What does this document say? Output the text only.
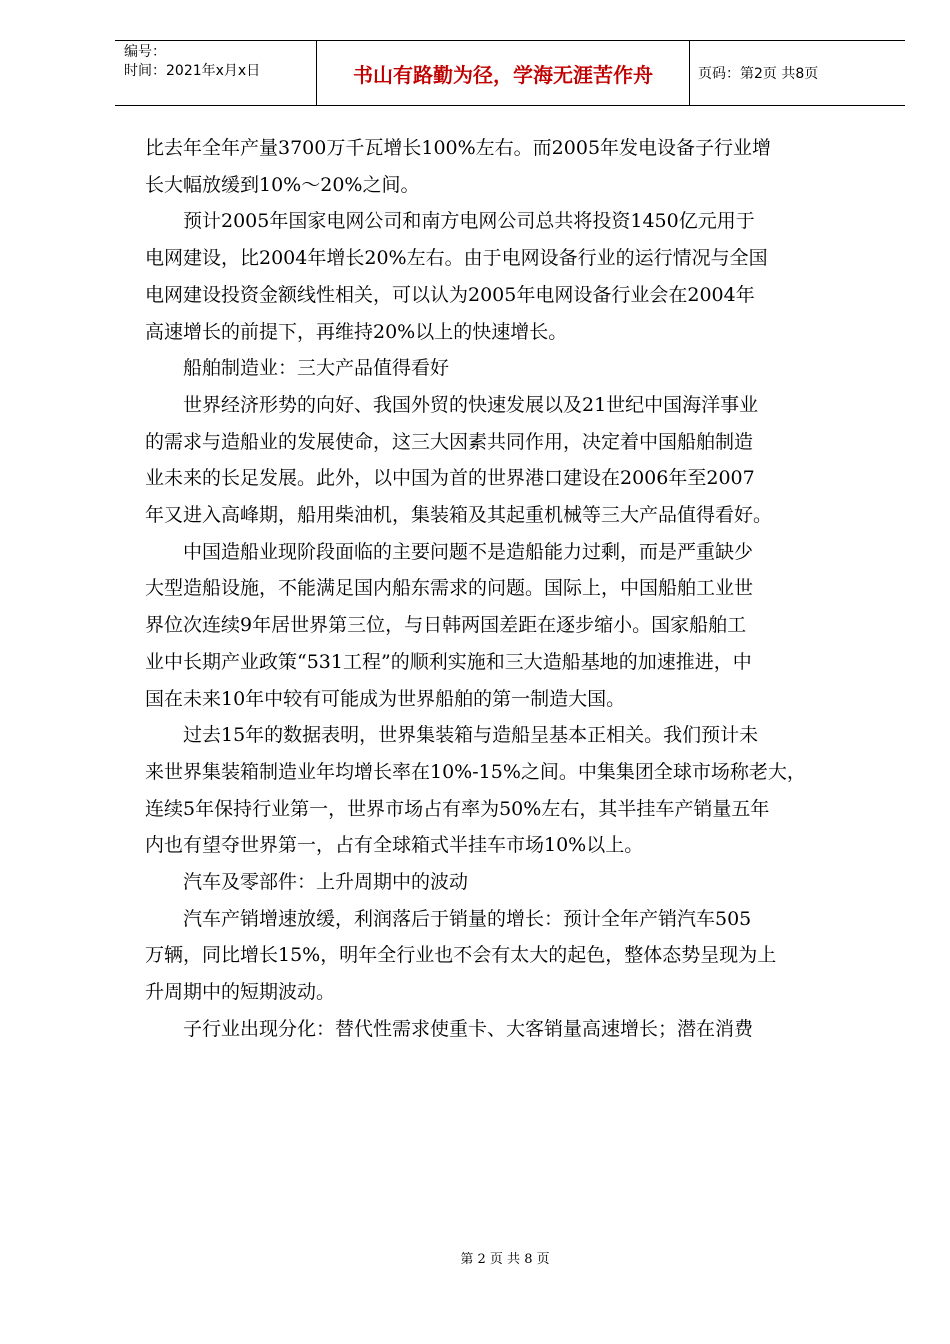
编号：
时间：2021年x月x日	书山有路勤为径，学海无涯苦作舟	页码：第2页 共8页

比去年全年产量3700万千瓦增长100%左右。而2005年发电设备子行业增
长大幅放缓到10%～20%之间。

预计2005年国家电网公司和南方电网公司总共将投资1450亿元用于
电网建设，比2004年增长20%左右。由于电网设备行业的运行情况与全国
电网建设投资金额线性相关，可以认为2005年电网设备行业会在2004年
高速增长的前提下，再维持20%以上的快速增长。

船舶制造业：三大产品值得看好

世界经济形势的向好、我国外贸的快速发展以及21世纪中国海洋事业
的需求与造船业的发展使命，这三大因素共同作用，决定着中国船舶制造
业未来的长足发展。此外，以中国为首的世界港口建设在2006年至2007
年又进入高峰期，船用柴油机，集装箱及其起重机械等三大产品值得看好。

中国造船业现阶段面临的主要问题不是造船能力过剩，而是严重缺少
大型造船设施，不能满足国内船东需求的问题。国际上，中国船舶工业世
界位次连续9年居世界第三位，与日韩两国差距在逐步缩小。国家船舶工
业中长期产业政策“531工程”的顺利实施和三大造船基地的加速推进，中
国在未来10年中较有可能成为世界船舶的第一制造大国。

过去15年的数据表明，世界集装箱与造船呈基本正相关。我们预计未
来世界集装箱制造业年均增长率在10%-15%之间。中集集团全球市场称老大，
连续5年保持行业第一，世界市场占有率为50%左右，其半挂车产销量五年
内也有望夺世界第一，占有全球箱式半挂车市场10%以上。

汽车及零部件：上升周期中的波动

汽车产销增速放缓，利润落后于销量的增长：预计全年产销汽车505
万辆，同比增长15%，明年全行业也不会有太大的起色，整体态势呈现为上
升周期中的短期波动。

子行业出现分化：替代性需求使重卡、大客销量高速增长；潜在消费

第 2 页 共 8 页
